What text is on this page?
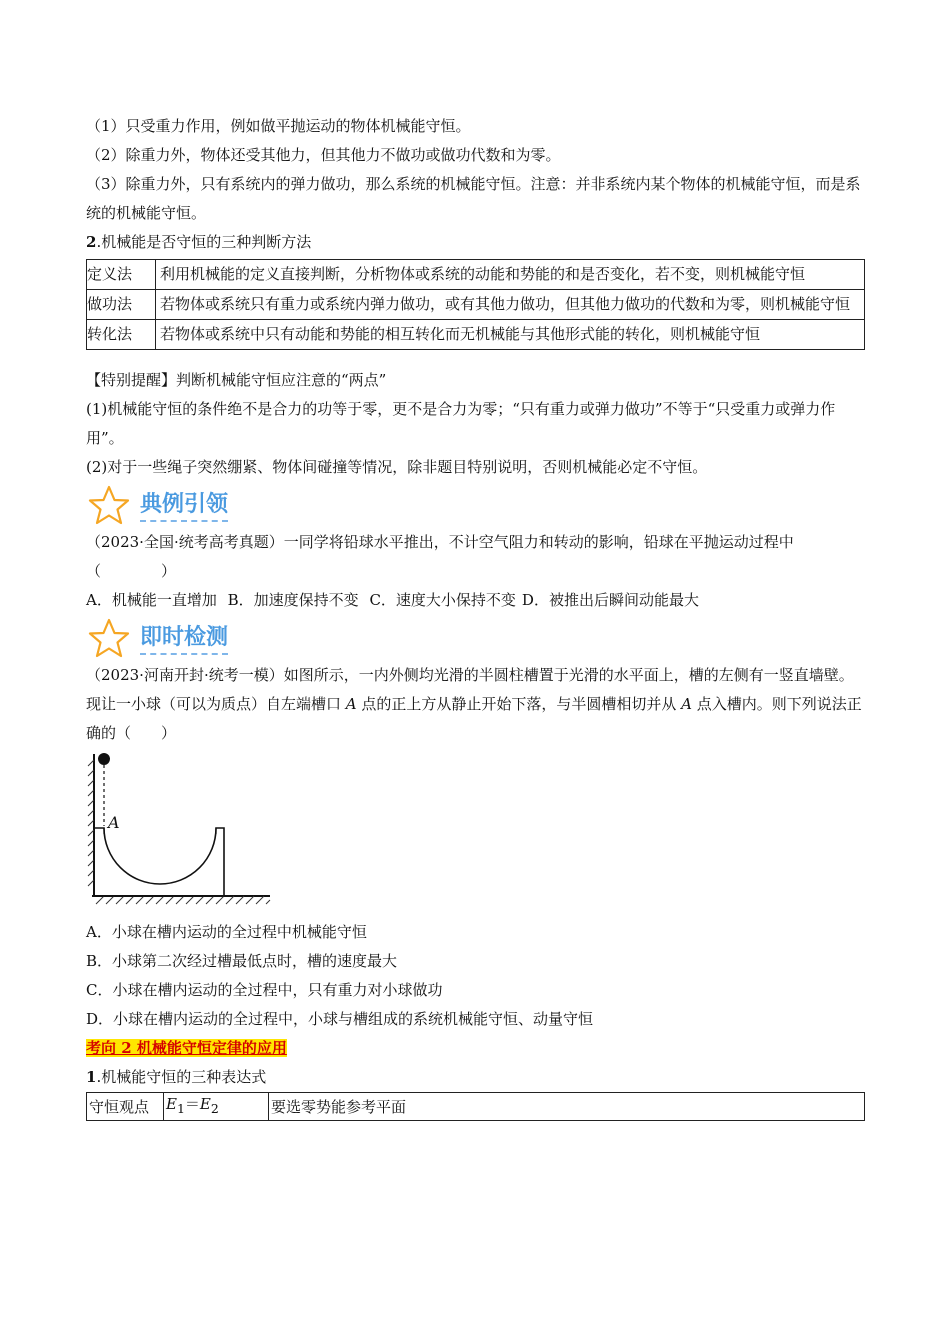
（1）只受重力作用，例如做平抛运动的物体机械能守恒。

（2）除重力外，物体还受其他力，但其他力不做功或做功代数和为零。

（3）除重力外，只有系统内的弹力做功，那么系统的机械能守恒。注意：并非系统内某个物体的机械能守恒，而是系统的机械能守恒。

2.机械能是否守恒的三种判断方法

定义法	利用机械能的定义直接判断，分析物体或系统的动能和势能的和是否变化，若不变，则机械能守恒
做功法	若物体或系统只有重力或系统内弹力做功，或有其他力做功，但其他力做功的代数和为零，则机械能守恒
转化法	若物体或系统中只有动能和势能的相互转化而无机械能与其他形式能的转化，则机械能守恒

【特别提醒】判断机械能守恒应注意的“两点”

(1)机械能守恒的条件绝不是合力的功等于零，更不是合力为零；“只有重力或弹力做功”不等于“只受重力或弹力作用”。

(2)对于一些绳子突然绷紧、物体间碰撞等情况，除非题目特别说明，否则机械能必定不守恒。

典例引领

（2023·全国·统考高考真题）一同学将铅球水平推出，不计空气阻力和转动的影响，铅球在平抛运动过程中（　　　　）

A．机械能一直增加 B．加速度保持不变 C．速度大小保持不变 D．被推出后瞬间动能最大

即时检测

（2023·河南开封·统考一模）如图所示，一内外侧均光滑的半圆柱槽置于光滑的水平面上，槽的左侧有一竖直墙壁。现让一小球（可以为质点）自左端槽口 A 点的正上方从静止开始下落，与半圆槽相切并从 A 点入槽内。则下列说法正确的（　　）

A

A．小球在槽内运动的全过程中机械能守恒

B．小球第二次经过槽最低点时，槽的速度最大

C．小球在槽内运动的全过程中，只有重力对小球做功

D．小球在槽内运动的全过程中，小球与槽组成的系统机械能守恒、动量守恒

考向 2 机械能守恒定律的应用

1.机械能守恒的三种表达式

守恒观点	$E_1=E_2$	要选零势能参考平面
